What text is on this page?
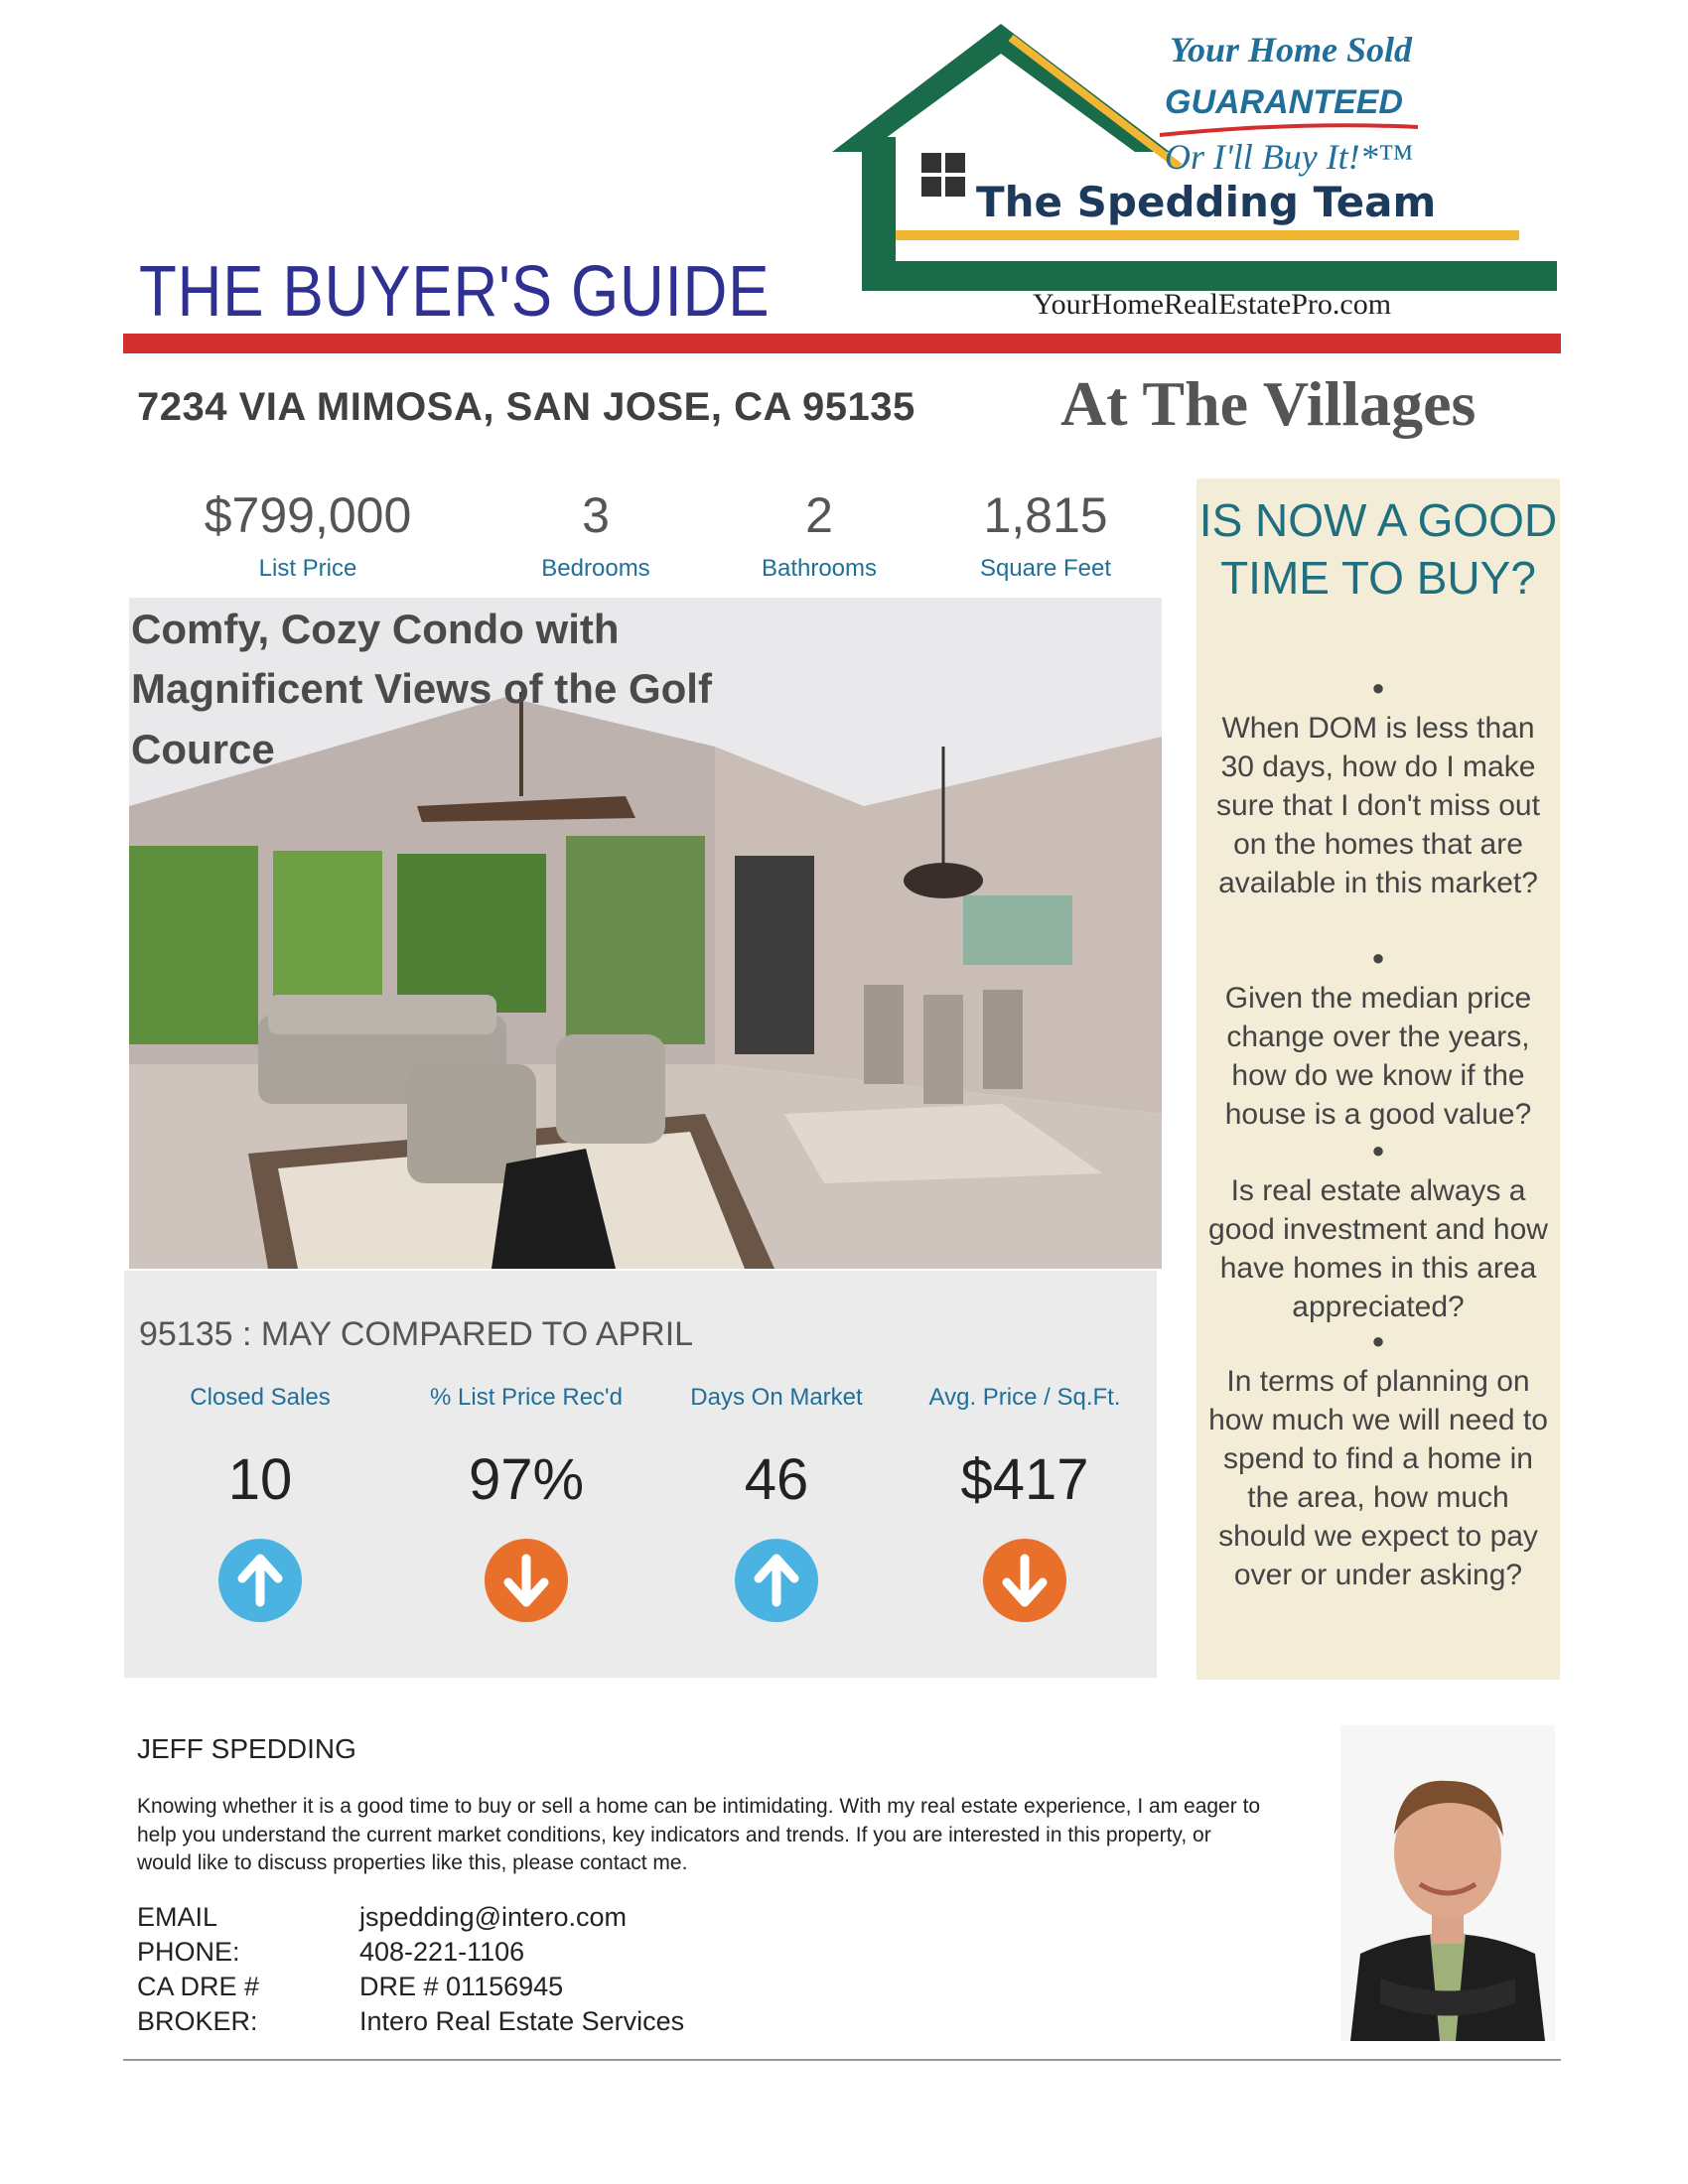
THE BUYER'S GUIDE
Your Home Sold
GUARANTEED
Or I'll Buy It!*™
The Spedding Team
YourHomeRealEstatePro.com
7234 VIA MIMOSA, SAN JOSE, CA 95135 At The Villages
$799,000
List Price
3
Bedrooms
2
Bathrooms
1,815
Square Feet
Comfy, Cozy Condo with Magnificent Views of the Golf Cource
95135 : MAY COMPARED TO APRIL
Closed Sales
10
% List Price Rec'd
97%
Days On Market
46
Avg. Price / Sq.Ft.
$417
IS NOW A GOOD TIME TO BUY?
●
When DOM is less than 30 days, how do I make sure that I don't miss out on the homes that are available in this market?
●
Given the median price change over the years, how do we know if the house is a good value?
●
Is real estate always a good investment and how have homes in this area appreciated?
●
In terms of planning on how much we will need to spend to find a home in the area, how much should we expect to pay over or under asking?
JEFF SPEDDING
Knowing whether it is a good time to buy or sell a home can be intimidating. With my real estate experience, I am eager to help you understand the current market conditions, key indicators and trends. If you are interested in this property, or would like to discuss properties like this, please contact me.
EMAIL	jspedding@intero.com
PHONE:	408-221-1106
CA DRE #	DRE # 01156945
BROKER:	Intero Real Estate Services
